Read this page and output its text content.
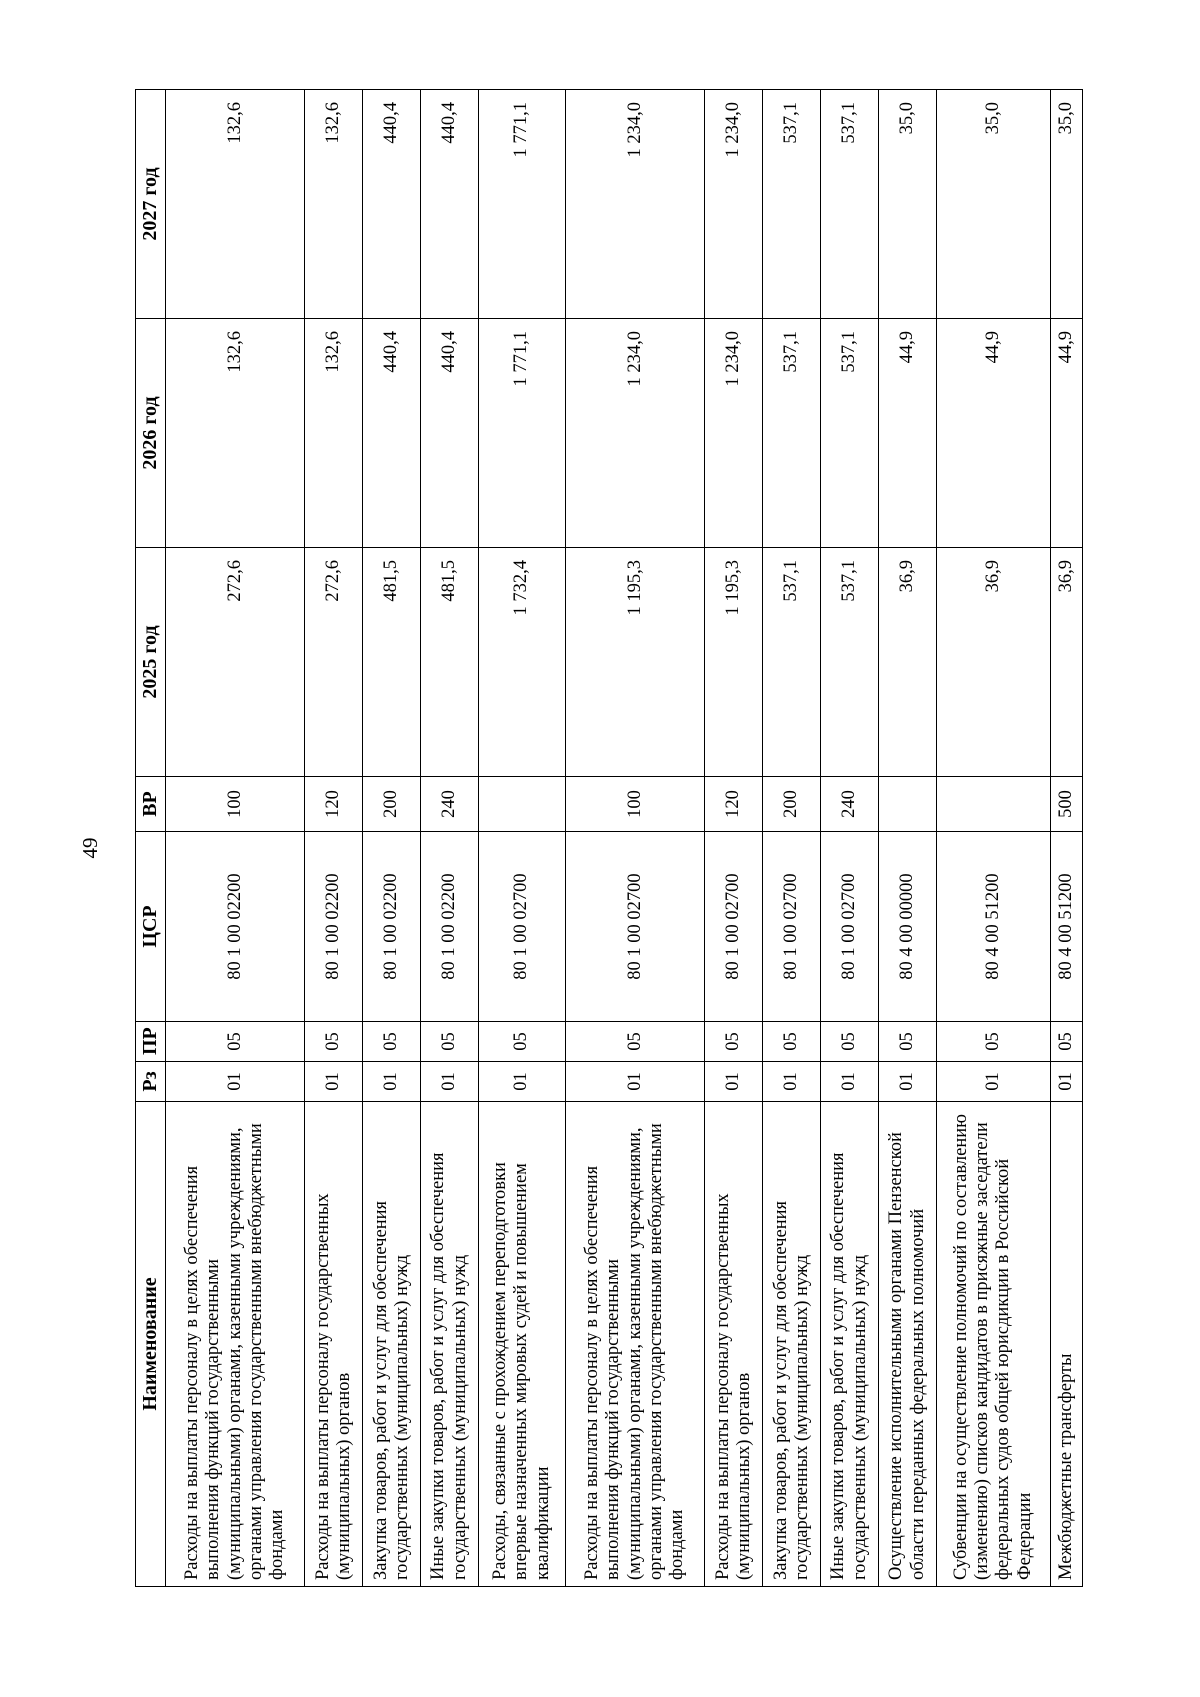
49
Наименование	Рз	ПР	ЦСР	ВР	2025 год	2026 год	2027 год
Расходы на выплаты персоналу в целях обеспечения выполнения функций государственными (муниципальными) органами, казенными учреждениями, органами управления государственными внебюджетными фондами	01	05	80 1 00 02200	100	272,6	132,6	132,6
Расходы на выплаты персоналу государственных (муниципальных) органов	01	05	80 1 00 02200	120	272,6	132,6	132,6
Закупка товаров, работ и услуг для обеспечения государственных (муниципальных) нужд	01	05	80 1 00 02200	200	481,5	440,4	440,4
Иные закупки товаров, работ и услуг для обеспечения государственных (муниципальных) нужд	01	05	80 1 00 02200	240	481,5	440,4	440,4
Расходы, связанные с прохождением переподготовки впервые назначенных мировых судей и повышением квалификации	01	05	80 1 00 02700		1 732,4	1 771,1	1 771,1
Расходы на выплаты персоналу в целях обеспечения выполнения функций государственными (муниципальными) органами, казенными учреждениями, органами управления государственными внебюджетными фондами	01	05	80 1 00 02700	100	1 195,3	1 234,0	1 234,0
Расходы на выплаты персоналу государственных (муниципальных) органов	01	05	80 1 00 02700	120	1 195,3	1 234,0	1 234,0
Закупка товаров, работ и услуг для обеспечения государственных (муниципальных) нужд	01	05	80 1 00 02700	200	537,1	537,1	537,1
Иные закупки товаров, работ и услуг для обеспечения государственных (муниципальных) нужд	01	05	80 1 00 02700	240	537,1	537,1	537,1
Осуществление исполнительными органами Пензенской области переданных федеральных полномочий	01	05	80 4 00 00000		36,9	44,9	35,0
Субвенции на осуществление полномочий по составлению (изменению) списков кандидатов в присяжные заседатели федеральных судов общей юрисдикции в Российской Федерации	01	05	80 4 00 51200		36,9	44,9	35,0
Межбюджетные трансферты	01	05	80 4 00 51200	500	36,9	44,9	35,0
